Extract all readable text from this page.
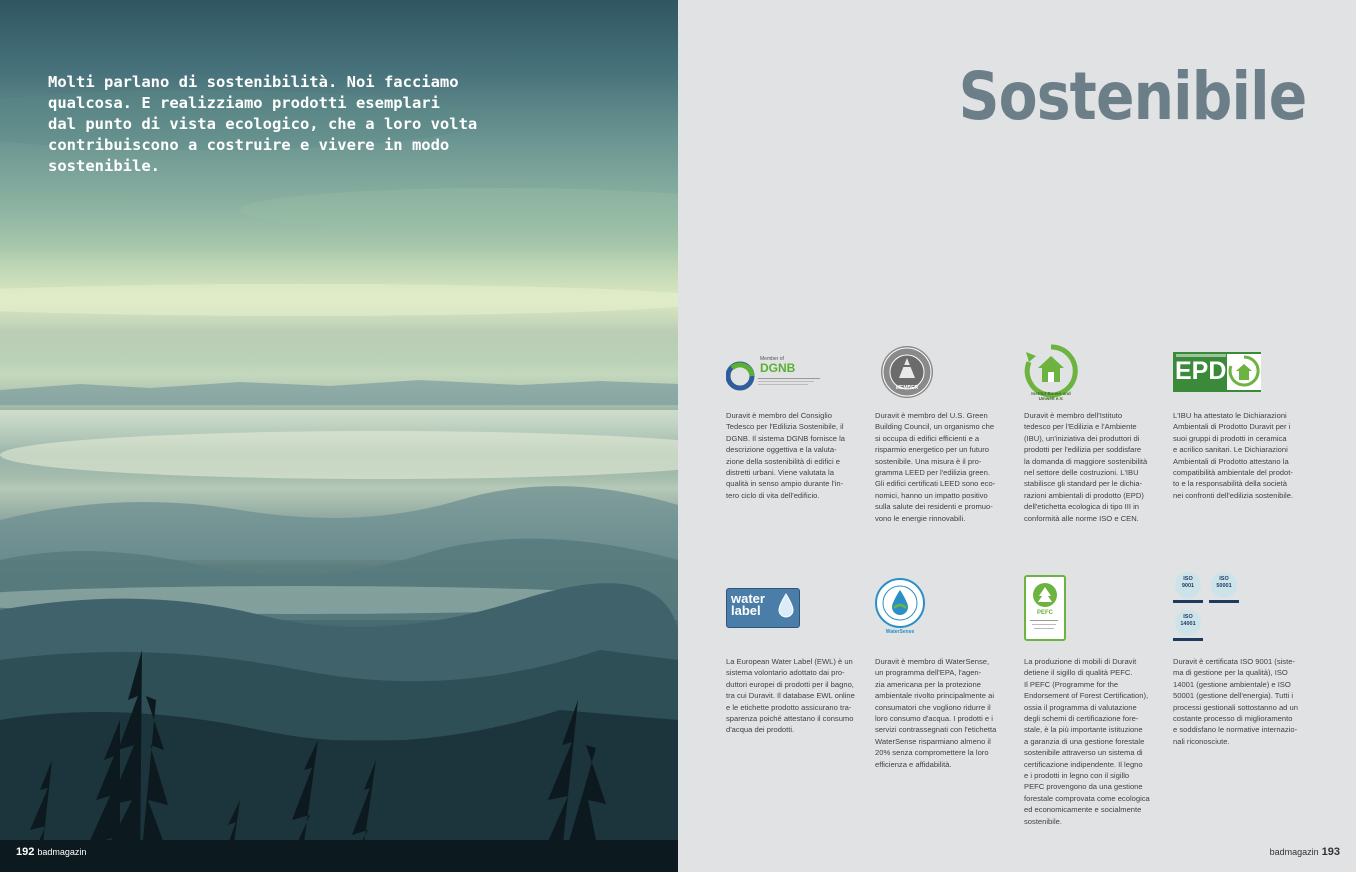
Molti parlano di sostenibilità. Noi facciamo
qualcosa. E realizziamo prodotti esemplari
dal punto di vista ecologico, che a loro volta
contribuiscono a costruire e vivere in modo
sostenibile.

192 badmagazin
Sostenibile
Member of
DGNB

Duravit è membro del Consiglio
Tedesco per l'Edilizia Sostenibile, il
DGNB. Il sistema DGNB fornisce la
descrizione oggettiva e la valuta-
zione della sostenibilità di edifici e
distretti urbani. Viene valutata la
qualità in senso ampio durante l'in-
tero ciclo di vita dell'edificio.

MEMBER

Duravit è membro del U.S. Green
Building Council, un organismo che
si occupa di edifici efficienti e a
risparmio energetico per un futuro
sostenibile. Una misura è il pro-
gramma LEED per l'edilizia green.
Gli edifici certificati LEED sono eco-
nomici, hanno un impatto positivo
sulla salute dei residenti e promuo-
vono le energie rinnovabili.

Institut Bauen und Umwelt e.V.

Duravit è membro dell'Istituto
tedesco per l'Edilizia e l'Ambiente
(IBU), un'iniziativa dei produttori di
prodotti per l'edilizia per soddisfare
la domanda di maggiore sostenibilità
nel settore delle costruzioni. L'IBU
stabilisce gli standard per le dichia-
razioni ambientali di prodotto (EPD)
dell'etichetta ecologica di tipo III in
conformità alle norme ISO e CEN.

EPD

L'IBU ha attestato le Dichiarazioni
Ambientali di Prodotto Duravit per i
suoi gruppi di prodotti in ceramica
e acrilico sanitari. Le Dichiarazioni
Ambientali di Prodotto attestano la
compatibilità ambientale del prodot-
to e la responsabilità della società
nei confronti dell'edilizia sostenibile.

water
label

La European Water Label (EWL) è un
sistema volontario adottato dai pro-
duttori europei di prodotti per il bagno,
tra cui Duravit. Il database EWL online
e le etichette prodotto assicurano tra-
sparenza poiché attestano il consumo
d'acqua dei prodotti.

WaterSense

Duravit è membro di WaterSense,
un programma dell'EPA, l'agen-
zia americana per la protezione
ambientale rivolto principalmente ai
consumatori che vogliono ridurre il
loro consumo d'acqua. I prodotti e i
servizi contrassegnati con l'etichetta
WaterSense risparmiano almeno il
20% senza compromettere la loro
efficienza e affidabilità.

PEFC

La produzione di mobili di Duravit
detiene il sigillo di qualità PEFC.
Il PEFC (Programme for the
Endorsement of Forest Certification),
ossia il programma di valutazione
degli schemi di certificazione fore-
stale, è la più importante istituzione
a garanzia di una gestione forestale
sostenibile attraverso un sistema di
certificazione indipendente. Il legno
e i prodotti in legno con il sigillo
PEFC provengono da una gestione
forestale comprovata come ecologica
ed economicamente e socialmente
sostenibile.

ISO
9001
ISO
50001
ISO
14001

Duravit è certificata ISO 9001 (siste-
ma di gestione per la qualità), ISO
14001 (gestione ambientale) e ISO
50001 (gestione dell'energia). Tutti i
processi gestionali sottostanno ad un
costante processo di miglioramento
e soddisfano le normative internazio-
nali riconosciute.

badmagazin 193
